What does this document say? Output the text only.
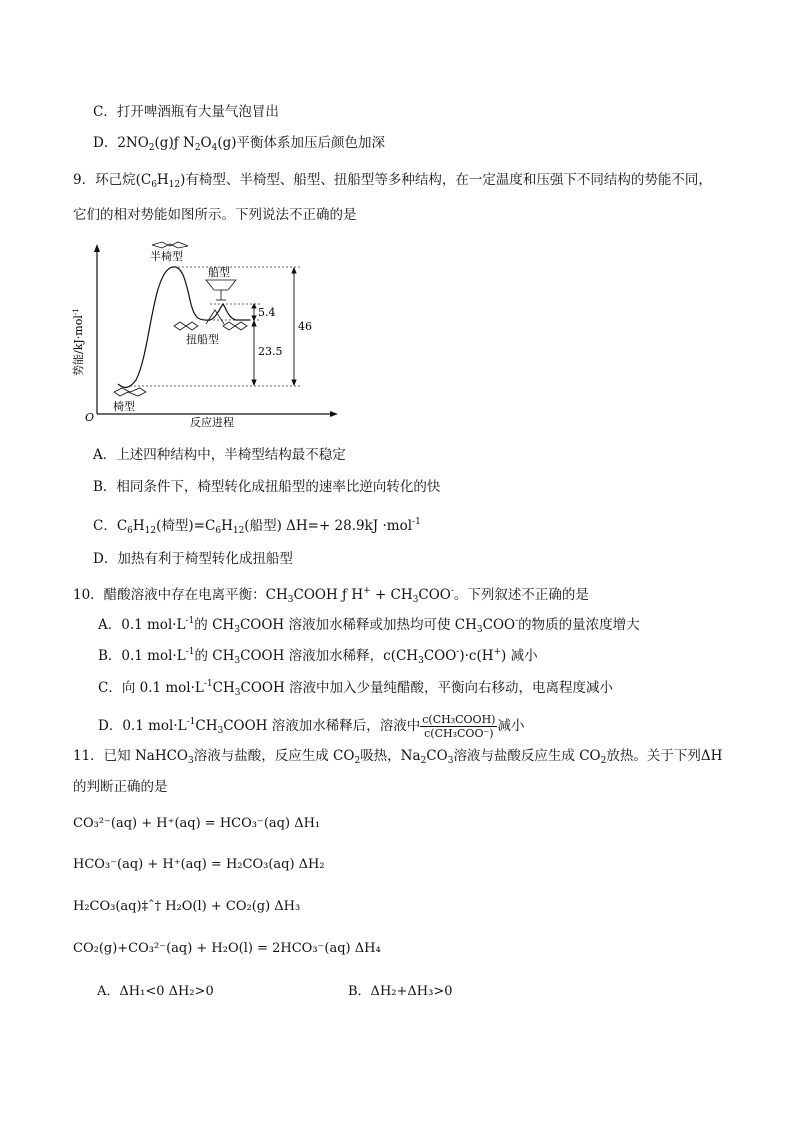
C．打开啤酒瓶有大量气泡冒出
D．$2NO_2(g)ƒ$ $N_2O_4(g)$平衡体系加压后颜色加深
9．环己烷$(C_6H_{12})$有椅型、半椅型、船型、扭船型等多种结构，在一定温度和压强下不同结构的势能不同，
它们的相对势能如图所示。下列说法不正确的是
O	反应进程
势能/kJ·mol$^{-1}$
半椅型
船型
扭船型
椅型
5.4
23.5
46
A．上述四种结构中，半椅型结构最不稳定
B．相同条件下，椅型转化成扭船型的速率比逆向转化的快
C．$C_6H_{12}$(椅型)$=C_6H_{12}$(船型) ΔH=+ 28.9kJ ·mol$^{-1}$
D．加热有利于椅型转化成扭船型
10．醋酸溶液中存在电离平衡：$CH_3COOH$ ƒ $H^+ + CH_3COO^-$。下列叙述不正确的是
A．0.1 $mol\cdot L^{-1}$的 $CH_3COOH$ 溶液加水稀释或加热均可使 $CH_3COO^-$的物质的量浓度增大
B．0.1 $mol\cdot L^{-1}$的 $CH_3COOH$ 溶液加水稀释，$c(CH_3COO^-)\cdot c(H^+)$ 减小
C．向 0.1 $mol\cdot L^{-1}CH_3COOH$ 溶液中加入少量纯醋酸，平衡向右移动，电离程度减小
D．0.1 $mol\cdot L^{-1}CH_3COOH$ 溶液加水稀释后，溶液中 $\frac{\text{c(CH₃COOH)}}{\text{c(CH₃COO⁻)}}$ 减小
11．已知 NaHCO$_3$溶液与盐酸，反应生成 $CO_2$吸热，$Na_2CO_3$溶液与盐酸反应生成 $CO_2$放热。关于下列ΔH
的判断正确的是
CO₃²⁻(aq) + H⁺(aq) = HCO₃⁻(aq) ΔH₁
HCO₃⁻(aq) + H⁺(aq) = H₂CO₃(aq) ΔH₂
H₂CO₃(aq)‡ˆ† H₂O(l) + CO₂(g) ΔH₃
CO₂(g)+CO₃²⁻(aq) + H₂O(l) = 2HCO₃⁻(aq) ΔH₄
A．ΔH₁<0 ΔH₂>0	B．ΔH₂+ΔH₃>0
